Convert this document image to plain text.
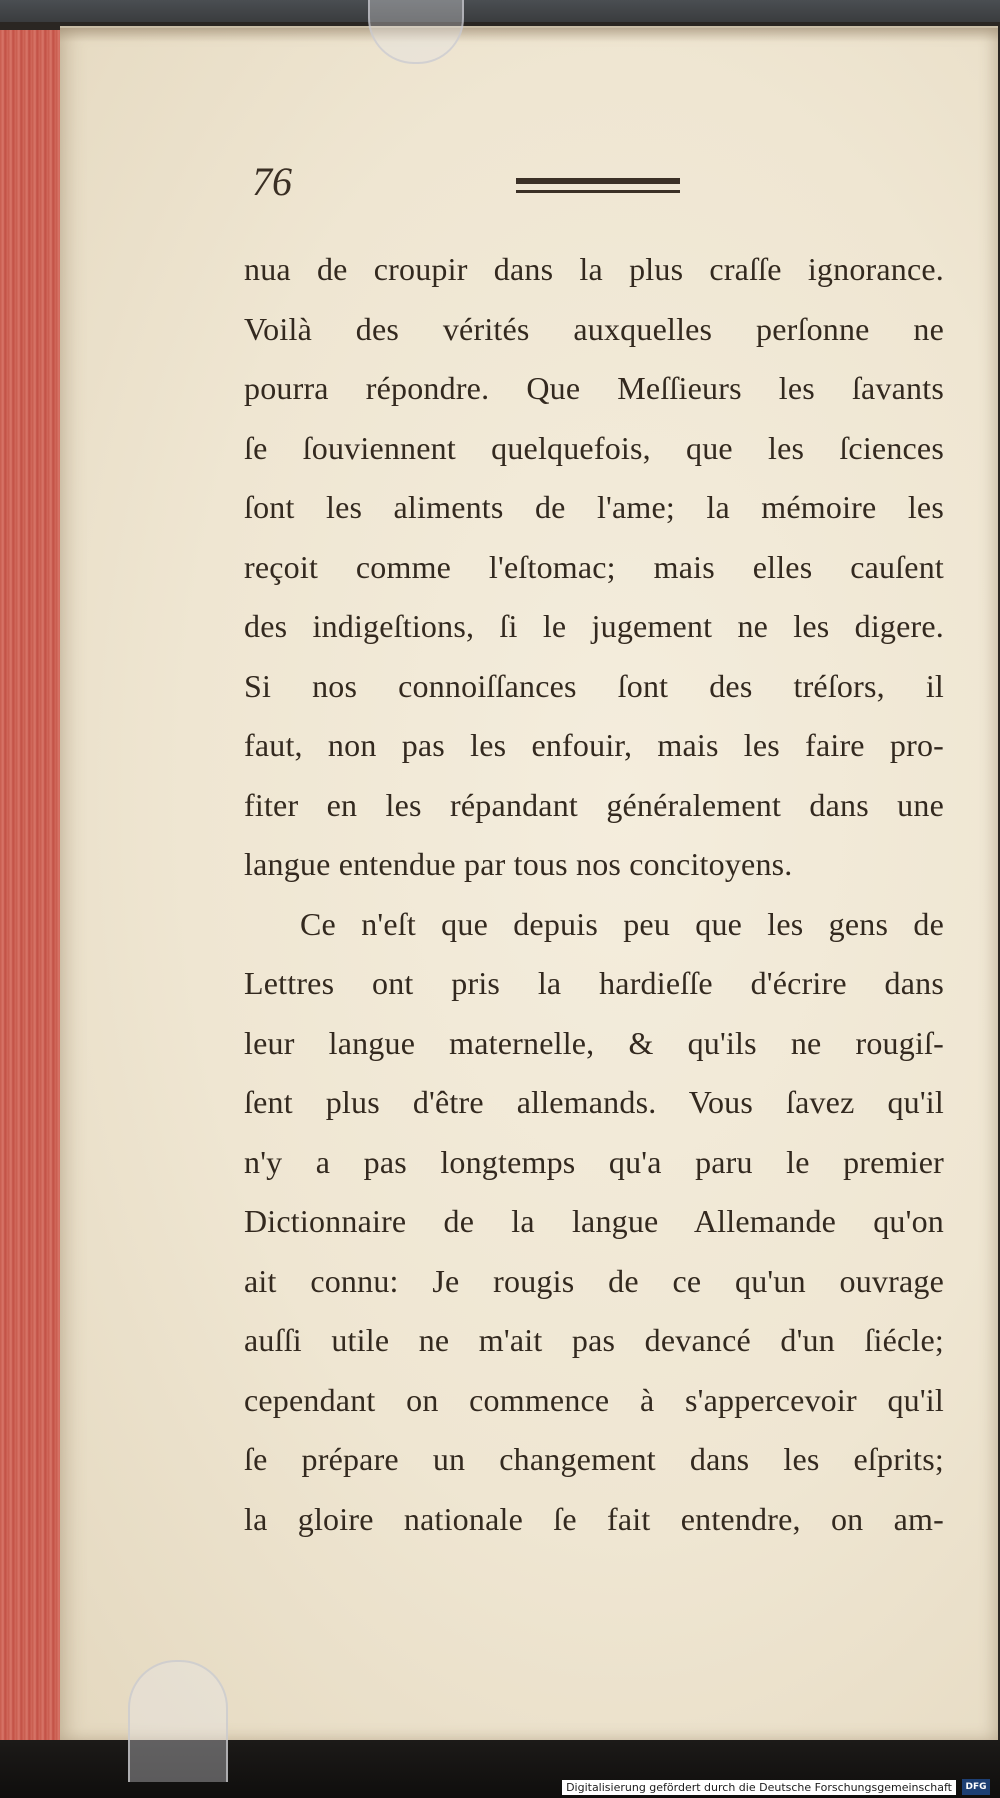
76
nua de croupir dans la plus craſſe ignorance.
Voilà des vérités auxquelles perſonne ne
pourra répondre. Que Meſſieurs les ſavants
ſe ſouviennent quelquefois, que les ſciences
ſont les aliments de l'ame; la mémoire les
reçoit comme l'eſtomac; mais elles cauſent
des indigeſtions, ſi le jugement ne les digere.
Si nos connoiſſances ſont des tréſors, il
faut, non pas les enfouir, mais les faire pro-
fiter en les répandant généralement dans une
langue entendue par tous nos concitoyens.
Ce n'eſt que depuis peu que les gens de
Lettres ont pris la hardieſſe d'écrire dans
leur langue maternelle, & qu'ils ne rougiſ-
ſent plus d'être allemands. Vous ſavez qu'il
n'y a pas longtemps qu'a paru le premier
Dictionnaire de la langue Allemande qu'on
ait connu: Je rougis de ce qu'un ouvrage
auſſi utile ne m'ait pas devancé d'un ſiécle;
cependant on commence à s'appercevoir qu'il
ſe prépare un changement dans les eſprits;
la gloire nationale ſe fait entendre, on am-
Digitalisierung gefördert durch die Deutsche Forschungsgemeinschaft	DFG
